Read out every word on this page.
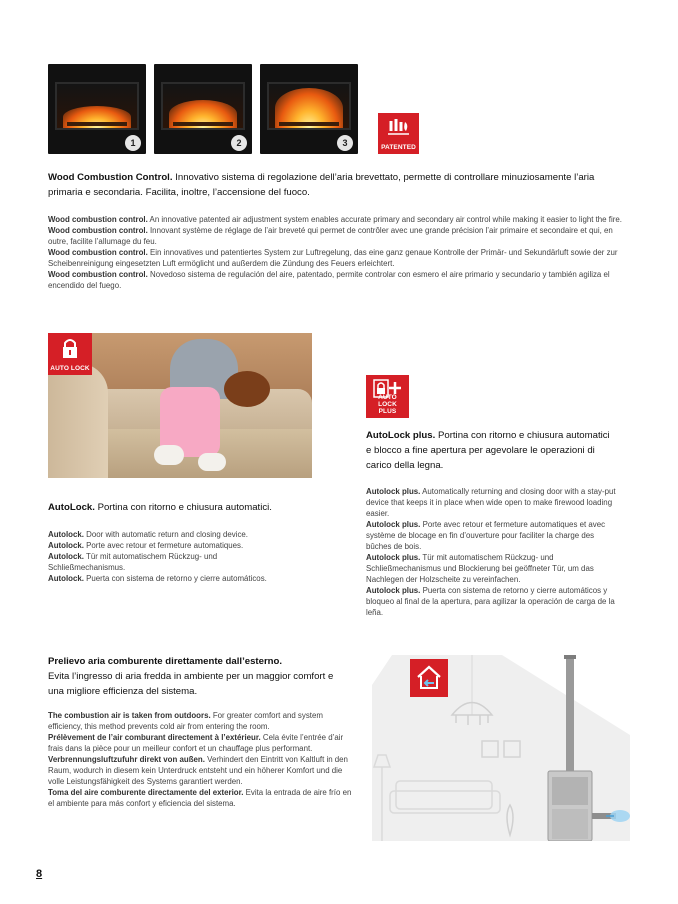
1	2	3	PATENTED
Wood Combustion Control. Innovativo sistema di regolazione dell’aria brevettato, permette di controllare minuziosamente l’aria primaria e secondaria. Facilita, inoltre, l’accensione del fuoco.
Wood combustion control. An innovative patented air adjustment system enables accurate primary and secondary air control while making it easier to light the fire.
Wood combustion control. Innovant système de réglage de l’air breveté qui permet de contrôler avec une grande précision l’air primaire et secondaire et qui, en outre, facilite l’allumage du feu.
Wood combustion control. Ein innovatives und patentiertes System zur Luftregelung, das eine ganz genaue Kontrolle der Primär- und Sekundärluft sowie der zur Scheibenreinigung eingesetzten Luft ermöglicht und außerdem die Zündung des Feuers erleichtert.
Wood combustion control. Novedoso sistema de regulación del aire, patentado, permite controlar con esmero el aire primario y secundario y también agiliza el encendido del fuego.
AUTO LOCK
AutoLock. Portina con ritorno e chiusura automatici.
Autolock. Door with automatic return and closing device.
Autolock. Porte avec retour et fermeture automatiques.
Autolock. Tür mit automatischem Rückzug- und Schließmechanismus.
Autolock. Puerta con sistema de retorno y cierre automáticos.
AUTO LOCK PLUS
AutoLock plus. Portina con ritorno e chiusura automatici e blocco a fine apertura per agevolare le operazioni di carico della legna.
Autolock plus. Automatically returning and closing door with a stay-put device that keeps it in place when wide open to make firewood loading easier.
Autolock plus. Porte avec retour et fermeture automatiques et avec système de blocage en fin d’ouverture pour faciliter la charge des bûches de bois.
Autolock plus. Tür mit automatischem Rückzug- und Schließmechanismus und Blockierung bei geöffneter Tür, um das Nachlegen der Holzscheite zu vereinfachen.
Autolock plus. Puerta con sistema de retorno y cierre automáticos y bloqueo al final de la apertura, para agilizar la operación de carga de la leña.
Prelievo aria comburente direttamente dall’esterno.
Evita l’ingresso di aria fredda in ambiente per un maggior comfort e una migliore efficienza del sistema.
The combustion air is taken from outdoors. For greater comfort and system efficiency, this method prevents cold air from entering the room.
Prélèvement de l’air comburant directement à l’extérieur. Cela évite l’entrée d’air frais dans la pièce pour un meilleur confort et un chauffage plus performant.
Verbrennungsluftzufuhr direkt von außen. Verhindert den Eintritt von Kaltluft in den Raum, wodurch in diesem kein Unterdruck entsteht und ein höherer Komfort und die volle Leistungsfähigkeit des Systems garantiert werden.
Toma del aire comburente directamente del exterior. Evita la entrada de aire frío en el ambiente para más confort y eficiencia del sistema.
8
